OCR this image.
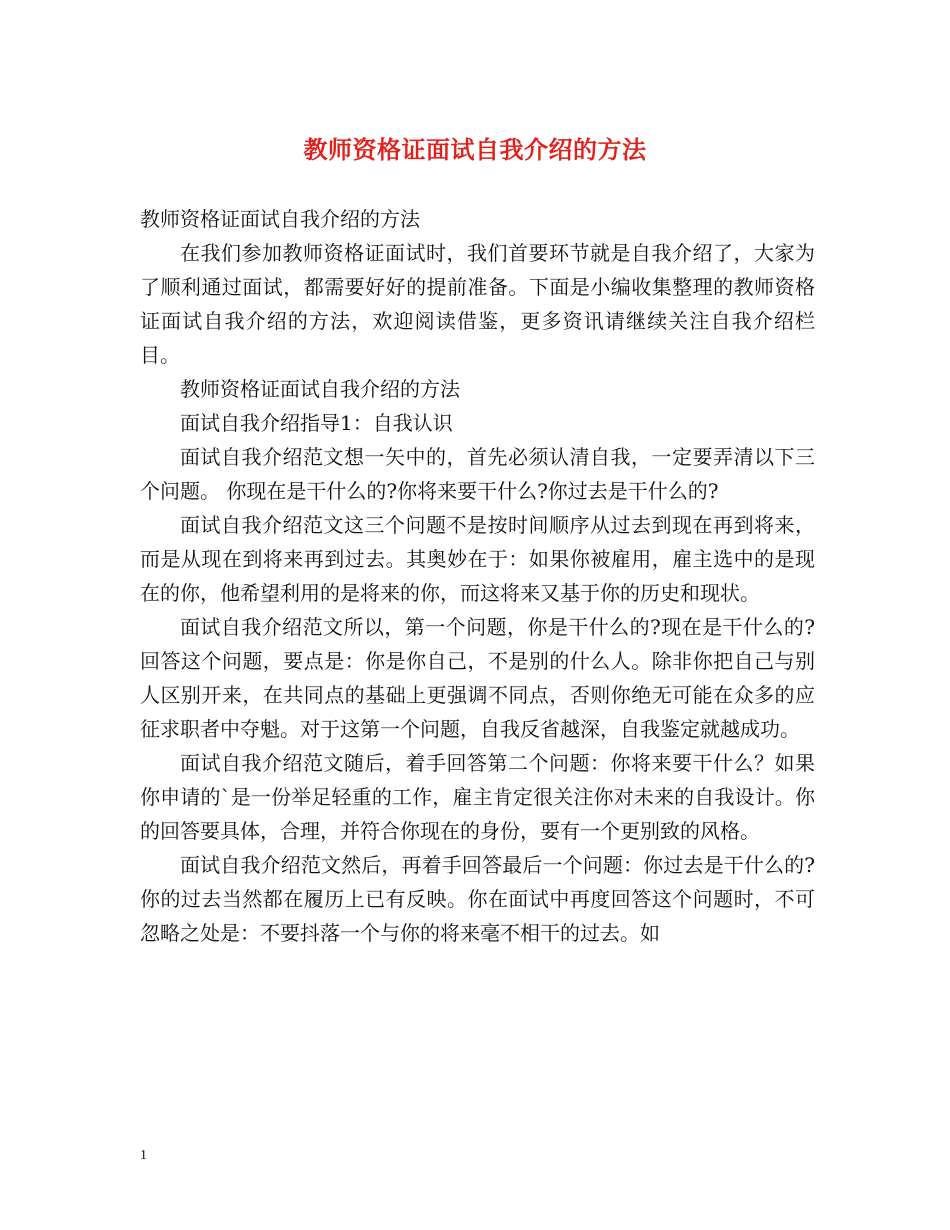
教师资格证面试自我介绍的方法

教师资格证面试自我介绍的方法

在我们参加教师资格证面试时，我们首要环节就是自我介绍了，大家为了顺利通过面试，都需要好好的提前准备。下面是小编收集整理的教师资格证面试自我介绍的方法，欢迎阅读借鉴，更多资讯请继续关注自我介绍栏目。

教师资格证面试自我介绍的方法

面试自我介绍指导1：自我认识

面试自我介绍范文想一矢中的，首先必须认清自我，一定要弄清以下三个问题。 你现在是干什么的?你将来要干什么?你过去是干什么的?

面试自我介绍范文这三个问题不是按时间顺序从过去到现在再到将来，而是从现在到将来再到过去。其奥妙在于：如果你被雇用，雇主选中的是现在的你，他希望利用的是将来的你，而这将来又基于你的历史和现状。

面试自我介绍范文所以，第一个问题，你是干什么的?现在是干什么的?回答这个问题，要点是：你是你自己，不是别的什么人。除非你把自己与别人区别开来，在共同点的基础上更强调不同点，否则你绝无可能在众多的应征求职者中夺魁。对于这第一个问题，自我反省越深，自我鉴定就越成功。

面试自我介绍范文随后，着手回答第二个问题：你将来要干什么？如果你申请的`是一份举足轻重的工作，雇主肯定很关注你对未来的自我设计。你的回答要具体，合理，并符合你现在的身份，要有一个更别致的风格。

面试自我介绍范文然后，再着手回答最后一个问题：你过去是干什么的?你的过去当然都在履历上已有反映。你在面试中再度回答这个问题时，不可忽略之处是：不要抖落一个与你的将来毫不相干的过去。如

1
